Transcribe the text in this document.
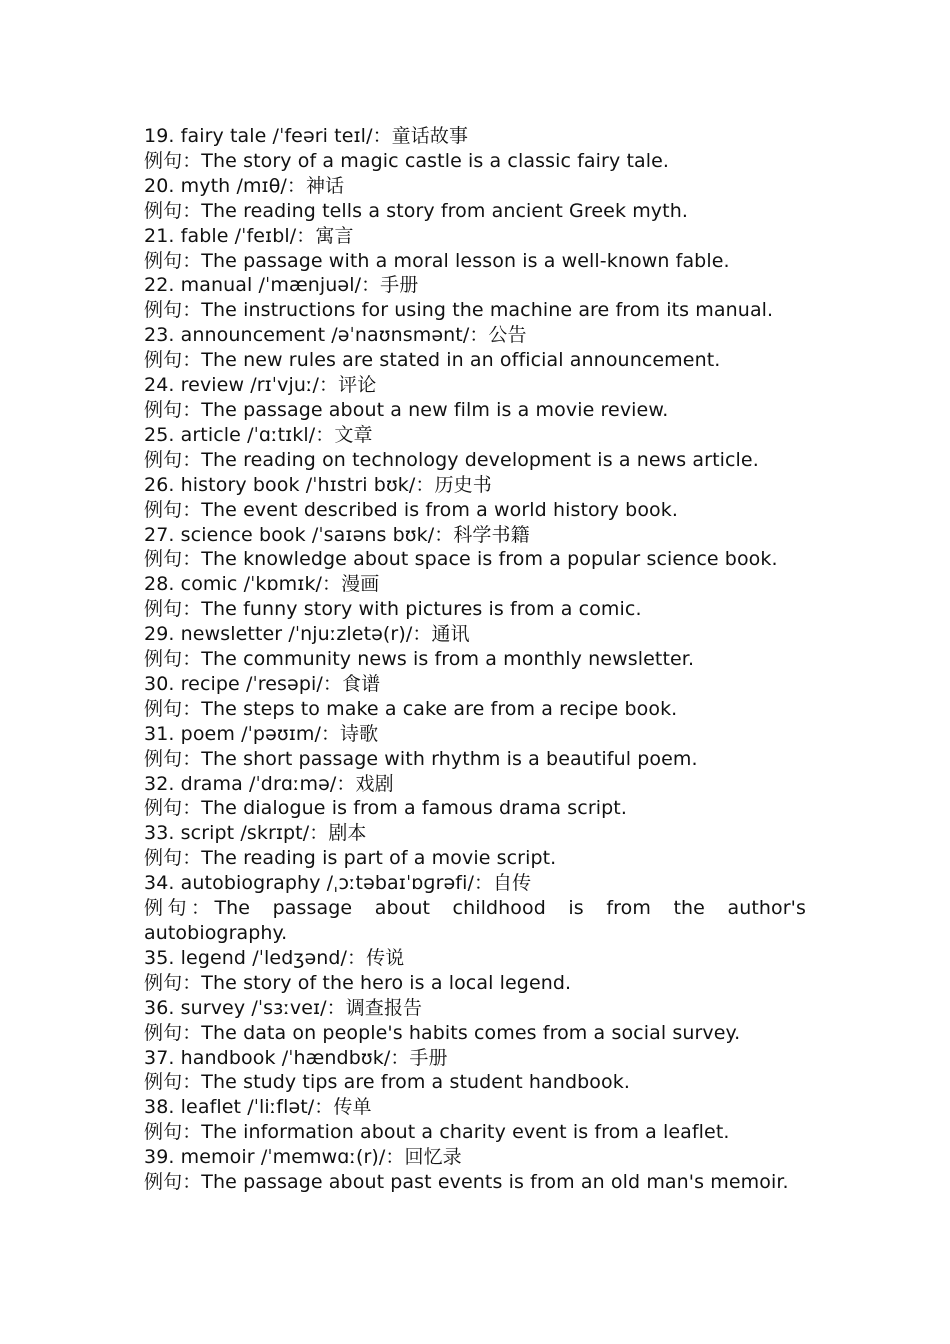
19. fairy tale /ˈfeəri teɪl/：童话故事
例句：The story of a magic castle is a classic fairy tale.
20. myth /mɪθ/：神话
例句：The reading tells a story from ancient Greek myth.
21. fable /ˈfeɪbl/：寓言
例句：The passage with a moral lesson is a well-known fable.
22. manual /ˈmænjuəl/：手册
例句：The instructions for using the machine are from its manual.
23. announcement /əˈnaʊnsmənt/：公告
例句：The new rules are stated in an official announcement.
24. review /rɪˈvjuː/：评论
例句：The passage about a new film is a movie review.
25. article /ˈɑːtɪkl/：文章
例句：The reading on technology development is a news article.
26. history book /ˈhɪstri bʊk/：历史书
例句：The event described is from a world history book.
27. science book /ˈsaɪəns bʊk/：科学书籍
例句：The knowledge about space is from a popular science book.
28. comic /ˈkɒmɪk/：漫画
例句：The funny story with pictures is from a comic.
29. newsletter /ˈnjuːzletə(r)/：通讯
例句：The community news is from a monthly newsletter.
30. recipe /ˈresəpi/：食谱
例句：The steps to make a cake are from a recipe book.
31. poem /ˈpəʊɪm/：诗歌
例句：The short passage with rhythm is a beautiful poem.
32. drama /ˈdrɑːmə/：戏剧
例句：The dialogue is from a famous drama script.
33. script /skrɪpt/：剧本
例句：The reading is part of a movie script.
34. autobiography /ˌɔːtəbaɪˈɒɡrəfi/：自传
例句：The passage about childhood is from the author's autobiography.
35. legend /ˈledʒənd/：传说
例句：The story of the hero is a local legend.
36. survey /ˈsɜːveɪ/：调查报告
例句：The data on people's habits comes from a social survey.
37. handbook /ˈhændbʊk/：手册
例句：The study tips are from a student handbook.
38. leaflet /ˈliːflət/：传单
例句：The information about a charity event is from a leaflet.
39. memoir /ˈmemwɑː(r)/：回忆录
例句：The passage about past events is from an old man's memoir.
